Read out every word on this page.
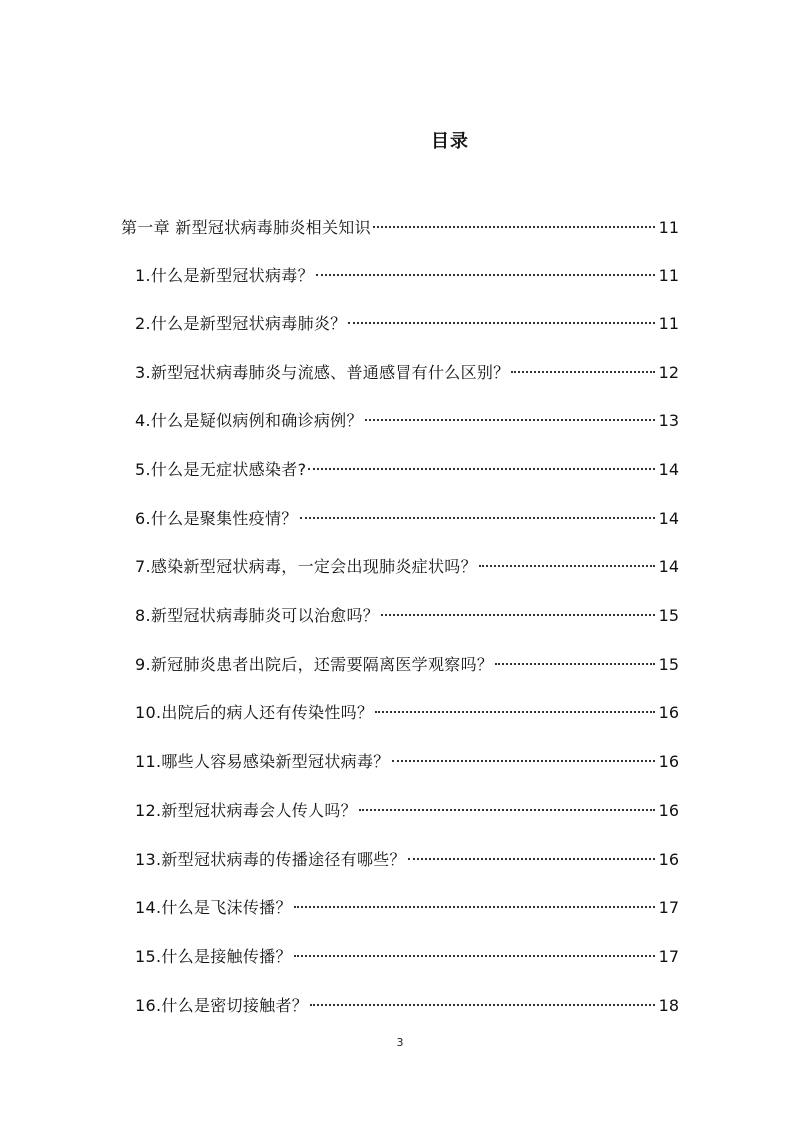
目录
第一章 新型冠状病毒肺炎相关知识	11
1.什么是新型冠状病毒？	11
2.什么是新型冠状病毒肺炎？	11
3.新型冠状病毒肺炎与流感、普通感冒有什么区别？	12
4.什么是疑似病例和确诊病例？	13
5.什么是无症状感染者?	14
6.什么是聚集性疫情？	14
7.感染新型冠状病毒，一定会出现肺炎症状吗？	14
8.新型冠状病毒肺炎可以治愈吗？	15
9.新冠肺炎患者出院后，还需要隔离医学观察吗？	15
10.出院后的病人还有传染性吗？	16
11.哪些人容易感染新型冠状病毒？	16
12.新型冠状病毒会人传人吗？	16
13.新型冠状病毒的传播途径有哪些？	16
14.什么是飞沫传播？	17
15.什么是接触传播？	17
16.什么是密切接触者？	18
3
